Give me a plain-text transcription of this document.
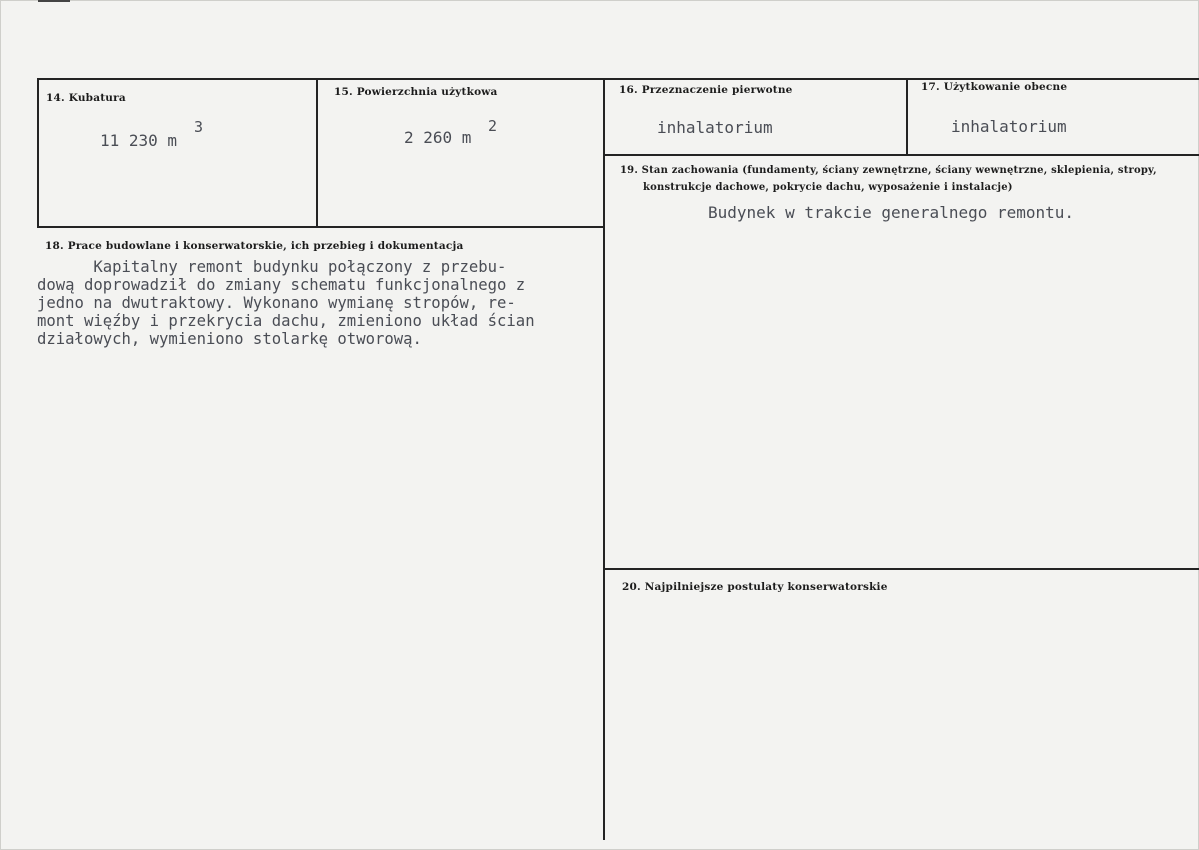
14. Kubatura
11 230 m
3
15. Powierzchnia użytkowa
2 260 m
2
16. Przeznaczenie pierwotne
inhalatorium
17. Użytkowanie obecne
inhalatorium
18. Prace budowlane i konserwatorskie, ich przebieg i dokumentacja
Kapitalny remont budynku połączony z przebu-
dową doprowadził do zmiany schematu funkcjonalnego z
jedno na dwutraktowy. Wykonano wymianę stropów, re-
mont więźby i przekrycia dachu, zmieniono układ ścian
działowych, wymieniono stolarkę otworową.
19. Stan zachowania (fundamenty, ściany zewnętrzne, ściany wewnętrzne, sklepienia, stropy,
konstrukcje dachowe, pokrycie dachu, wyposażenie i instalacje)
Budynek w trakcie generalnego remontu.
20. Najpilniejsze postulaty konserwatorskie
